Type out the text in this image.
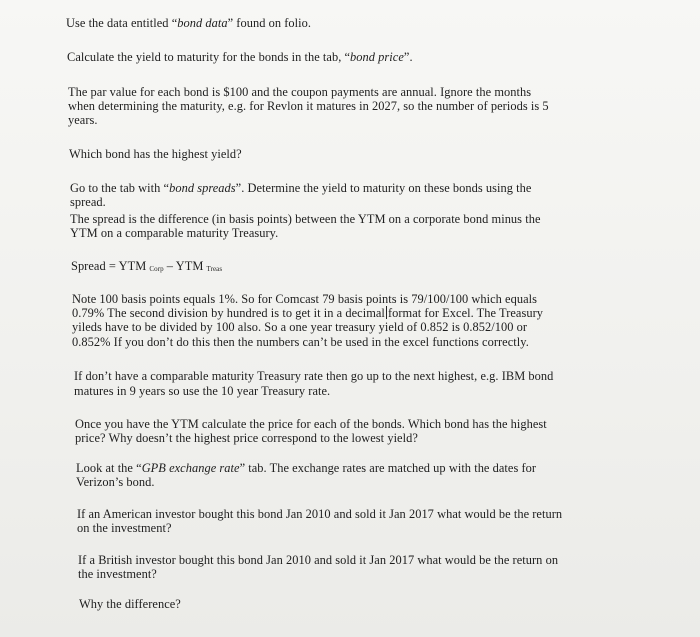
Use the data entitled “bond data” found on folio.
Calculate the yield to maturity for the bonds in the tab, “bond price”.
The par value for each bond is $100 and the coupon payments are annual. Ignore the months
when determining the maturity, e.g. for Revlon it matures in 2027, so the number of periods is 5
years.
Which bond has the highest yield?
Go to the tab with “bond spreads”. Determine the yield to maturity on these bonds using the
spread.
The spread is the difference (in basis points) between the YTM on a corporate bond minus the
YTM on a comparable maturity Treasury.
Spread = YTM Corp – YTM Treas
Note 100 basis points equals 1%. So for Comcast 79 basis points is 79/100/100 which equals
0.79% The second division by hundred is to get it in a decimal format for Excel. The Treasury
yileds have to be divided by 100 also. So a one year treasury yield of 0.852 is 0.852/100 or
0.852% If you don’t do this then the numbers can’t be used in the excel functions correctly.
If don’t have a comparable maturity Treasury rate then go up to the next highest, e.g. IBM bond
matures in 9 years so use the 10 year Treasury rate.
Once you have the YTM calculate the price for each of the bonds. Which bond has the highest
price? Why doesn’t the highest price correspond to the lowest yield?
Look at the “GPB exchange rate” tab. The exchange rates are matched up with the dates for
Verizon’s bond.
If an American investor bought this bond Jan 2010 and sold it Jan 2017 what would be the return
on the investment?
If a British investor bought this bond Jan 2010 and sold it Jan 2017 what would be the return on
the investment?
Why the difference?
